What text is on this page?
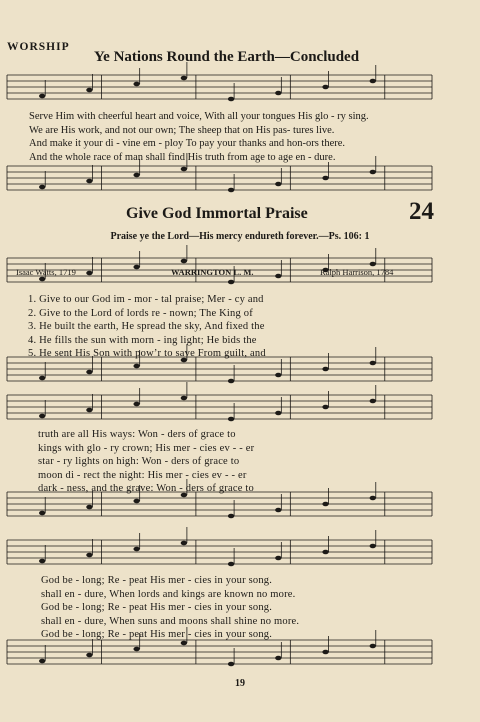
WORSHIP
Ye Nations Round the Earth—Concluded
Serve Him with cheerful heart and voice, With all your tongues His glo - ry sing.
We are His work, and not our own; The sheep that on His pas- tures live.
And make it your di - vine em - ploy To pay your thanks and hon-ors there.
And the whole race of man shall find His truth from age to age en - dure.
Give God Immortal Praise	24
Praise ye the Lord—His mercy endureth forever.—Ps. 106: 1
Isaac Watts, 1719	WARRINGTON L. M.	Ralph Harrison, 1784
1. Give to our God im - mor - tal praise; Mer - cy and
2. Give to the Lord of lords re - nown; The King of
3. He built the earth, He spread the sky, And fixed the
4. He fills the sun with morn - ing light; He bids the
5. He sent His Son with pow’r to save From guilt, and
truth are all His ways: Won - ders of grace to
kings with glo - ry crown; His mer - cies ev - - er
star - ry lights on high: Won - ders of grace to
moon di - rect the night: His mer - cies ev - - er
dark - ness, and the grave: Won - ders of grace to
God be - long; Re - peat His mer - cies in your song.
shall en - dure, When lords and kings are known no more.
God be - long; Re - peat His mer - cies in your song.
shall en - dure, When suns and moons shall shine no more.
God be - long; Re - peat His mer - cies in your song.
19
